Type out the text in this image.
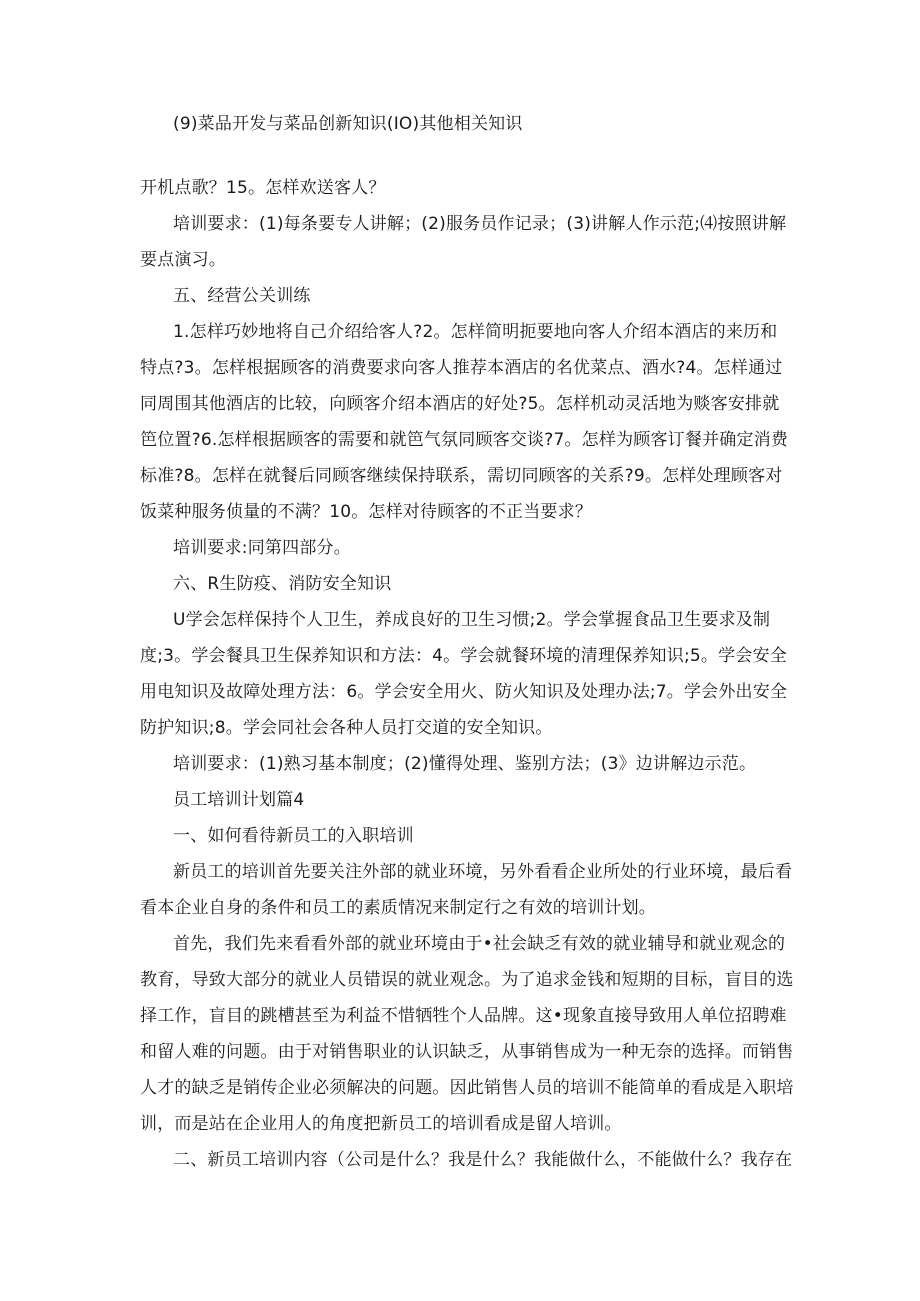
(9)菜品开发与菜品创新知识(IO)其他相关知识
开机点歌？15。怎样欢送客人？
培训要求：(1)每条要专人讲解；(2)服务员作记录；(3)讲解人作示范;⑷按照讲解
要点演习。
五、经营公关训练
1.怎样巧妙地将自己介绍给客人?2。怎样简明扼要地向客人介绍本酒店的来历和
特点?3。怎样根据顾客的消费要求向客人推荐本酒店的名优菜点、酒水?4。怎样通过
同周围其他酒店的比较，向顾客介绍本酒店的好处?5。怎样机动灵活地为赕客安排就
笆位置?6.怎样根据顾客的需要和就笆气氛同顾客交谈?7。怎样为顾客订餐并确定消费
标准?8。怎样在就餐后同顾客继续保持联系，需切同顾客的关系?9。怎样处理顾客对
饭菜种服务侦量的不满？10。怎样对待顾客的不正当要求？
培训要求:同第四部分。
六、R生防疫、消防安全知识
U学会怎样保持个人卫生，养成良好的卫生习惯;2。学会掌握食品卫生要求及制
度;3。学会餐具卫生保养知识和方法：4。学会就餐环境的清理保养知识;5。学会安全
用电知识及故障处理方法：6。学会安全用火、防火知识及处理办法;7。学会外出安全
防护知识;8。学会同社会各种人员打交道的安全知识。
培训要求：(1)熟习基本制度；(2)懂得处理、鉴别方法；(3》边讲解边示范。
员工培训计划篇4
一、如何看待新员工的入职培训
新员工的培训首先要关注外部的就业环境，另外看看企业所处的行业环境，最后看
看本企业自身的条件和员工的素质情况来制定行之有效的培训计划。
首先，我们先来看看外部的就业环境由于•社会缺乏有效的就业辅导和就业观念的
教育，导致大部分的就业人员错误的就业观念。为了追求金钱和短期的目标，盲目的选
择工作，盲目的跳槽甚至为利益不惜牺牲个人品牌。这•现象直接导致用人单位招聘难
和留人难的问题。由于对销售职业的认识缺乏，从事销售成为一种无奈的选择。而销售
人才的缺乏是销传企业必须解决的问题。因此销售人员的培训不能简单的看成是入职培
训，而是站在企业用人的角度把新员工的培训看成是留人培训。
二、新员工培训内容（公司是什么？我是什么？我能做什么，不能做什么？我存在
